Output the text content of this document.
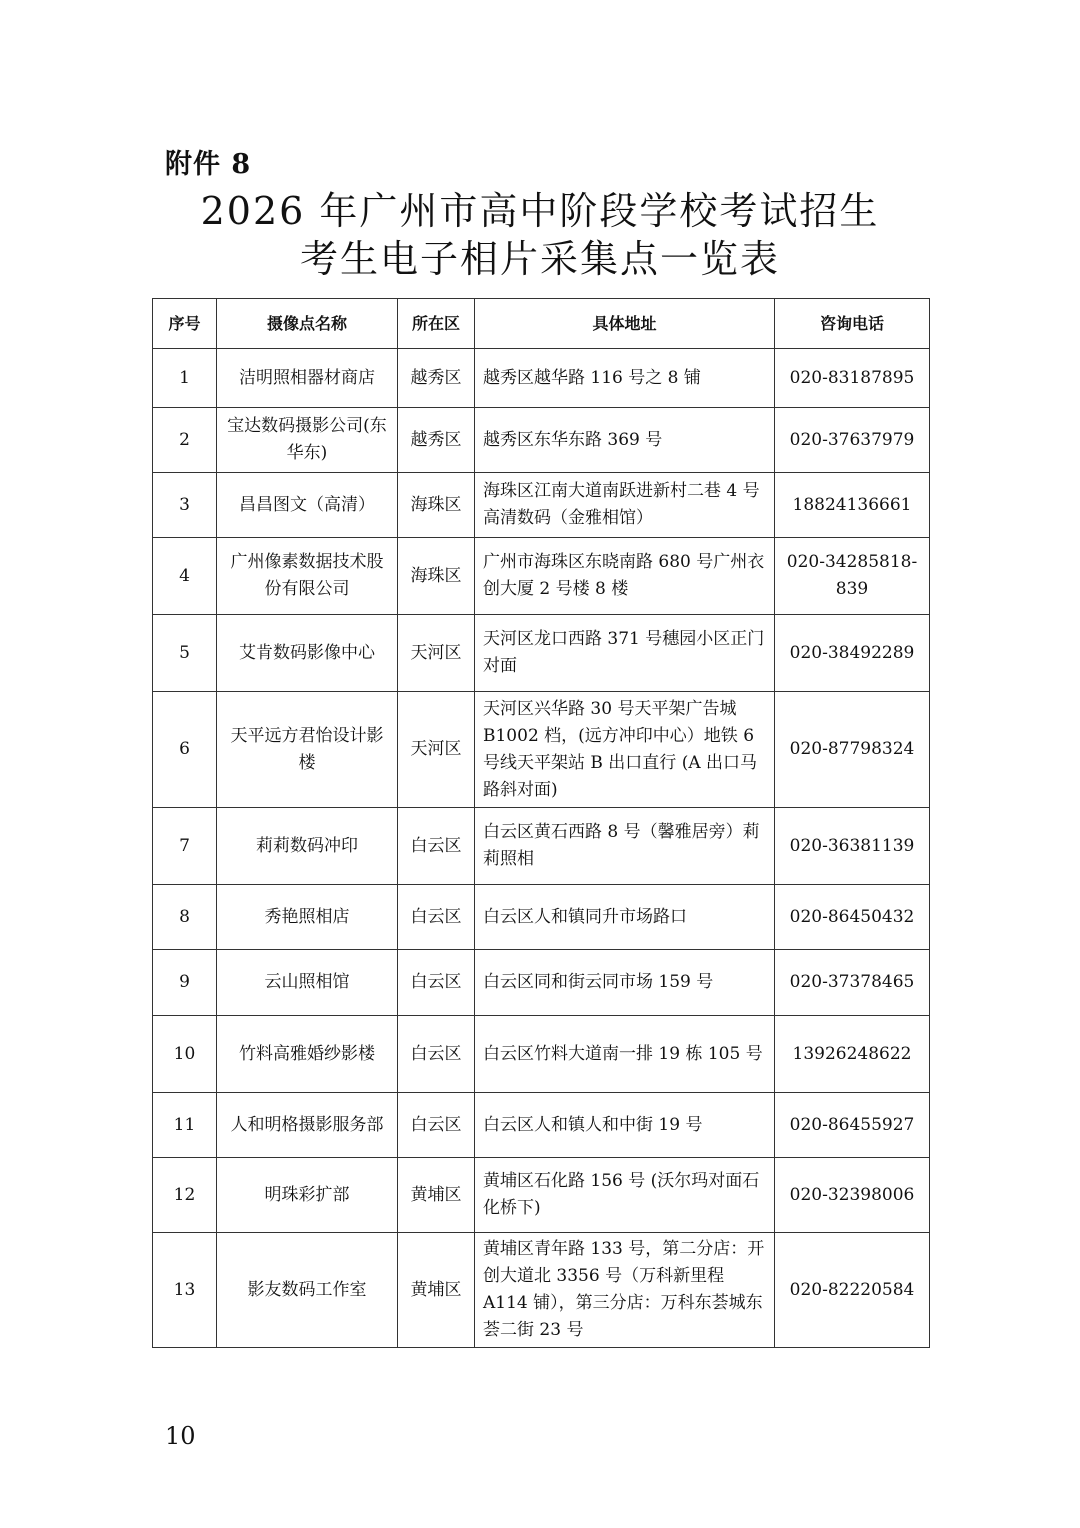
附件 8
2026 年广州市高中阶段学校考试招生
考生电子相片采集点一览表
序号	摄像点名称	所在区	具体地址	咨询电话
1	洁明照相器材商店	越秀区	越秀区越华路 116 号之 8 铺	020-83187895
2	宝达数码摄影公司(东华东)	越秀区	越秀区东华东路 369 号	020-37637979
3	昌昌图文（高清）	海珠区	海珠区江南大道南跃进新村二巷 4 号高清数码（金雅相馆）	18824136661
4	广州像素数据技术股份有限公司	海珠区	广州市海珠区东晓南路 680 号广州衣创大厦 2 号楼 8 楼	020-34285818-839
5	艾肯数码影像中心	天河区	天河区龙口西路 371 号穗园小区正门对面	020-38492289
6	天平远方君怡设计影楼	天河区	天河区兴华路 30 号天平架广告城 B1002 档，(远方冲印中心）地铁 6 号线天平架站 B 出口直行 (A 出口马路斜对面)	020-87798324
7	莉莉数码冲印	白云区	白云区黄石西路 8 号（馨雅居旁）莉莉照相	020-36381139
8	秀艳照相店	白云区	白云区人和镇同升市场路口	020-86450432
9	云山照相馆	白云区	白云区同和街云同市场 159 号	020-37378465
10	竹料高雅婚纱影楼	白云区	白云区竹料大道南一排 19 栋 105 号	13926248622
11	人和明格摄影服务部	白云区	白云区人和镇人和中街 19 号	020-86455927
12	明珠彩扩部	黄埔区	黄埔区石化路 156 号 (沃尔玛对面石化桥下)	020-32398006
13	影友数码工作室	黄埔区	黄埔区青年路 133 号，第二分店：开创大道北 3356 号（万科新里程 A114 铺），第三分店：万科东荟城东荟二街 23 号	020-82220584
10
